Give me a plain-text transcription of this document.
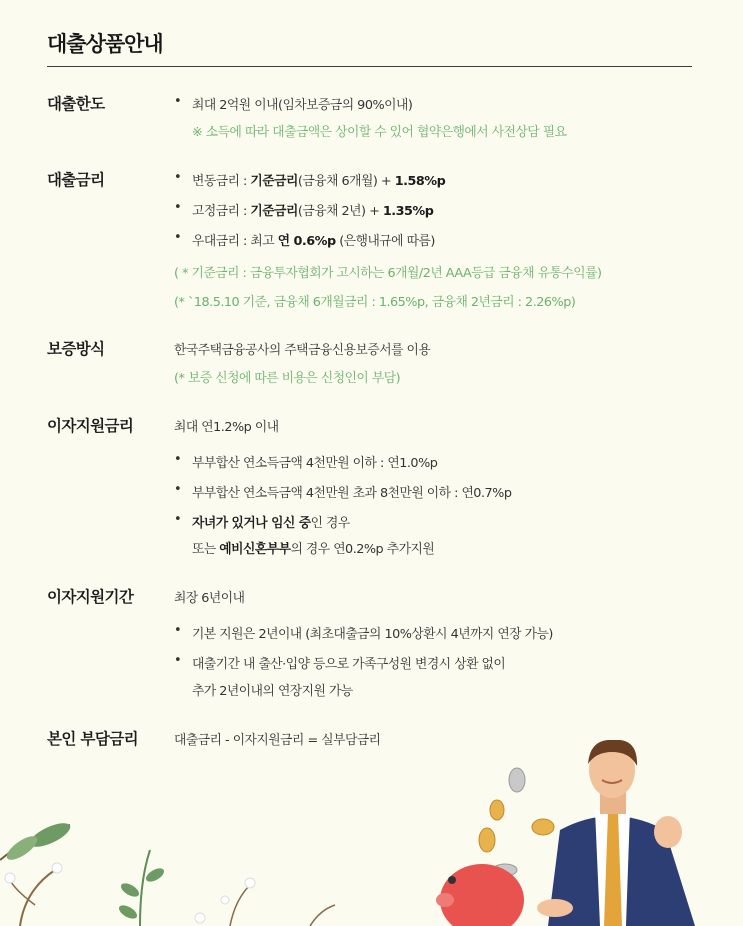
대출상품안내
대출한도	• 최대 2억원 이내(임차보증금의 90%이내)
※ 소득에 따라 대출금액은 상이할 수 있어 협약은행에서 사전상담 필요
대출금리	• 변동금리 : 기준금리(금융채 6개월) + 1.58%p
• 고정금리 : 기준금리(금융채 2년) + 1.35%p
• 우대금리 : 최고 연 0.6%p (은행내규에 따름)
( * 기준금리 : 금융투자협회가 고시하는 6개월/2년 AAA등급 금융채 유통수익률)
(* `18.5.10 기준, 금융채 6개월금리 : 1.65%p, 금융채 2년금리 : 2.26%p)
보증방식	한국주택금융공사의 주택금융신용보증서를 이용
(* 보증 신청에 따른 비용은 신청인이 부담)
이자지원금리	최대 연1.2%p 이내
• 부부합산 연소득금액 4천만원 이하 : 연1.0%p
• 부부합산 연소득금액 4천만원 초과 8천만원 이하 : 연0.7%p
• 자녀가 있거나 임신 중인 경우
또는 예비신혼부부의 경우 연0.2%p 추가지원
이자지원기간	최장 6년이내
• 기본 지원은 2년이내 (최초대출금의 10%상환시 4년까지 연장 가능)
• 대출기간 내 출산·입양 등으로 가족구성원 변경시 상환 없이
추가 2년이내의 연장지원 가능
본인 부담금리	대출금리 - 이자지원금리 = 실부담금리
